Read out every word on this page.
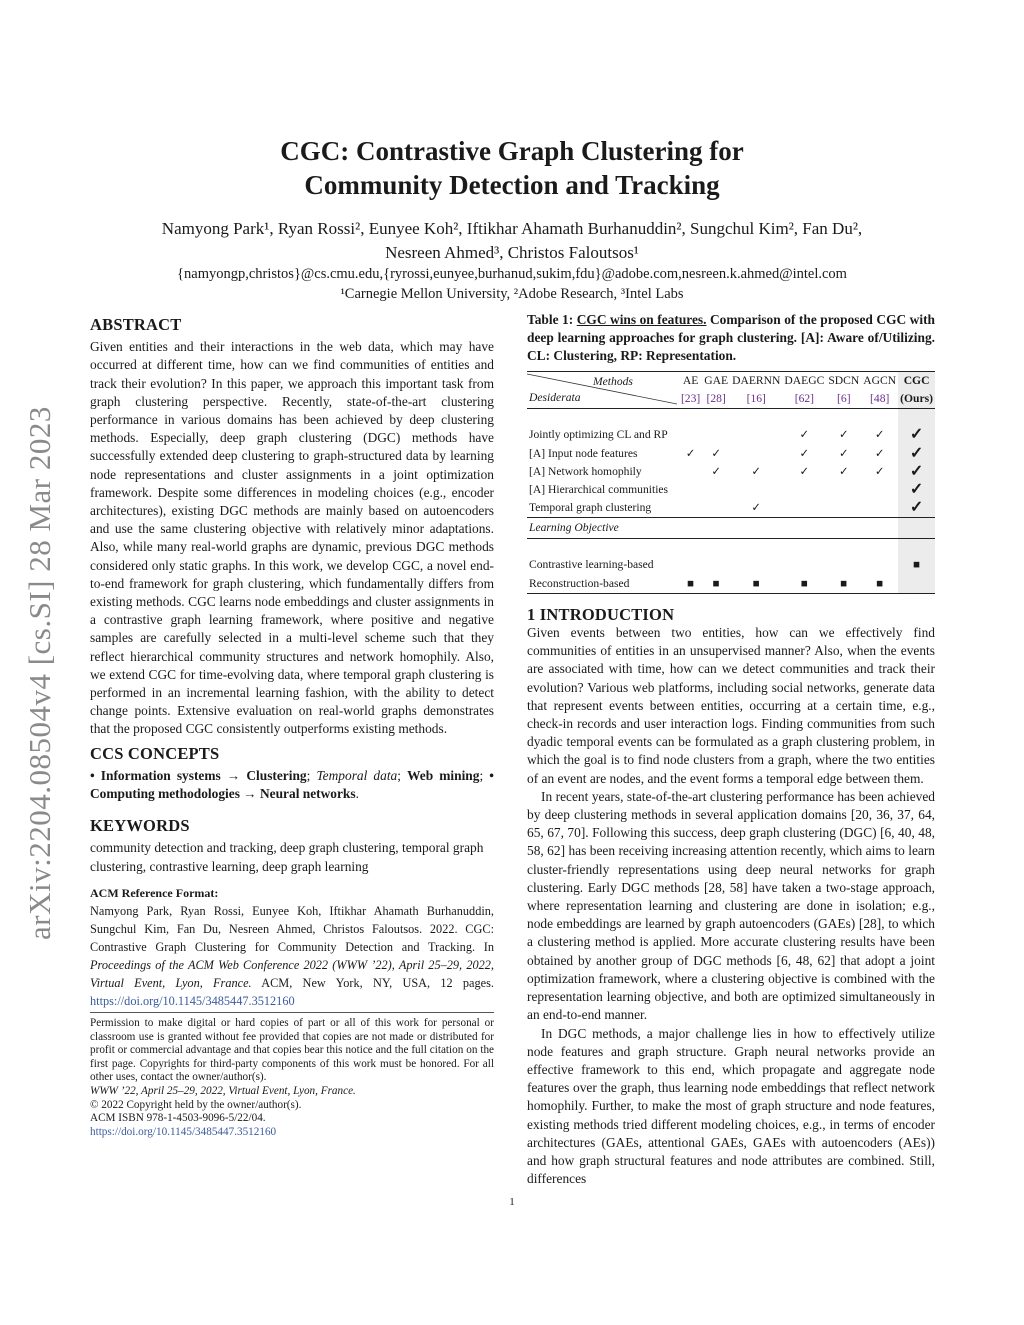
arXiv:2204.08504v4 [cs.SI] 28 Mar 2023
CGC: Contrastive Graph Clustering for
Community Detection and Tracking
Namyong Park¹, Ryan Rossi², Eunyee Koh², Iftikhar Ahamath Burhanuddin², Sungchul Kim², Fan Du²,
Nesreen Ahmed³, Christos Faloutsos¹
{namyongp,christos}@cs.cmu.edu,{ryrossi,eunyee,burhanud,sukim,fdu}@adobe.com,nesreen.k.ahmed@intel.com
¹Carnegie Mellon University, ²Adobe Research, ³Intel Labs
ABSTRACT

Given entities and their interactions in the web data, which may have occurred at different time, how can we find communities of entities and track their evolution? In this paper, we approach this important task from graph clustering perspective. Recently, state-of-the-art clustering performance in various domains has been achieved by deep clustering methods. Especially, deep graph clustering (DGC) methods have successfully extended deep clustering to graph-structured data by learning node representations and cluster assignments in a joint optimization framework. Despite some differences in modeling choices (e.g., encoder architectures), existing DGC methods are mainly based on autoencoders and use the same clustering objective with relatively minor adaptations. Also, while many real-world graphs are dynamic, previous DGC methods considered only static graphs. In this work, we develop CGC, a novel end-to-end framework for graph clustering, which fundamentally differs from existing methods. CGC learns node embeddings and cluster assignments in a contrastive graph learning framework, where positive and negative samples are carefully selected in a multi-level scheme such that they reflect hierarchical community structures and network homophily. Also, we extend CGC for time-evolving data, where temporal graph clustering is performed in an incremental learning fashion, with the ability to detect change points. Extensive evaluation on real-world graphs demonstrates that the proposed CGC consistently outperforms existing methods.

CCS CONCEPTS

• Information systems → Clustering; Temporal data; Web mining; • Computing methodologies → Neural networks.

KEYWORDS

community detection and tracking, deep graph clustering, temporal graph clustering, contrastive learning, deep graph learning

ACM Reference Format:

Namyong Park, Ryan Rossi, Eunyee Koh, Iftikhar Ahamath Burhanuddin, Sungchul Kim, Fan Du, Nesreen Ahmed, Christos Faloutsos. 2022. CGC: Contrastive Graph Clustering for Community Detection and Tracking. In Proceedings of the ACM Web Conference 2022 (WWW ’22), April 25–29, 2022, Virtual Event, Lyon, France. ACM, New York, NY, USA, 12 pages. https://doi.org/10.1145/3485447.3512160

Permission to make digital or hard copies of part or all of this work for personal or classroom use is granted without fee provided that copies are not made or distributed for profit or commercial advantage and that copies bear this notice and the full citation on the first page. Copyrights for third-party components of this work must be honored. For all other uses, contact the owner/author(s).

WWW ’22, April 25–29, 2022, Virtual Event, Lyon, France.

© 2022 Copyright held by the owner/author(s).

ACM ISBN 978-1-4503-9096-5/22/04.

https://doi.org/10.1145/3485447.3512160

Table 1: CGC wins on features. Comparison of the proposed CGC with deep learning approaches for graph clustering. [A]: Aware of/Utilizing. CL: Clustering, RP: Representation.
Methods
Desiderata	AE	GAE	DAERNN	DAEGC	SDCN	AGCN	CGC
	[23]	[28]	[16]	[62]	[6]	[48]	(Ours)

Jointly optimizing CL and RP				✓	✓	✓	✓
[A] Input node features	✓	✓		✓	✓	✓	✓
[A] Network homophily		✓	✓	✓	✓	✓	✓
[A] Hierarchical communities							✓
Temporal graph clustering			✓				✓
Learning Objective							

Contrastive learning-based							■
Reconstruction-based	■	■	■	■	■	■	
1 INTRODUCTION

Given events between two entities, how can we effectively find communities of entities in an unsupervised manner? Also, when the events are associated with time, how can we detect communities and track their evolution? Various web platforms, including social networks, generate data that represent events between entities, occurring at a certain time, e.g., check-in records and user interaction logs. Finding communities from such dyadic temporal events can be formulated as a graph clustering problem, in which the goal is to find node clusters from a graph, where the two entities of an event are nodes, and the event forms a temporal edge between them.

In recent years, state-of-the-art clustering performance has been achieved by deep clustering methods in several application domains [20, 36, 37, 64, 65, 67, 70]. Following this success, deep graph clustering (DGC) [6, 40, 48, 58, 62] has been receiving increasing attention recently, which aims to learn cluster-friendly representations using deep neural networks for graph clustering. Early DGC methods [28, 58] have taken a two-stage approach, where representation learning and clustering are done in isolation; e.g., node embeddings are learned by graph autoencoders (GAEs) [28], to which a clustering method is applied. More accurate clustering results have been obtained by another group of DGC methods [6, 48, 62] that adopt a joint optimization framework, where a clustering objective is combined with the representation learning objective, and both are optimized simultaneously in an end-to-end manner.

In DGC methods, a major challenge lies in how to effectively utilize node features and graph structure. Graph neural networks provide an effective framework to this end, which propagate and aggregate node features over the graph, thus learning node embeddings that reflect network homophily. Further, to make the most of graph structure and node features, existing methods tried different modeling choices, e.g., in terms of encoder architectures (GAEs, attentional GAEs, GAEs with autoencoders (AEs)) and how graph structural features and node attributes are combined. Still, differences

1
